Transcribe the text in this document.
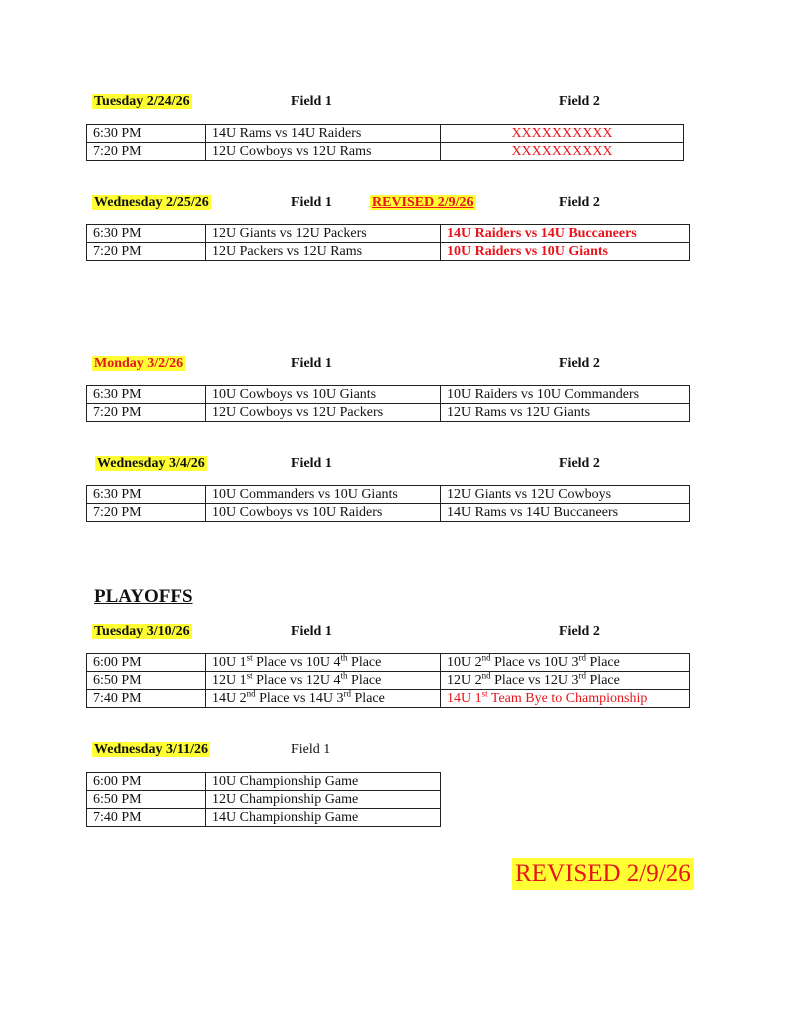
Tuesday 2/24/26	Field 1	Field 2
6:30 PM	14U Rams vs 14U Raiders	XXXXXXXXXX
7:20 PM	12U Cowboys vs 12U Rams	XXXXXXXXXX
Wednesday 2/25/26	Field 1	REVISED 2/9/26	Field 2
6:30 PM	12U Giants vs 12U Packers	14U Raiders vs 14U Buccaneers
7:20 PM	12U Packers vs 12U Rams	10U Raiders vs 10U Giants
Monday 3/2/26	Field 1	Field 2
6:30 PM	10U Cowboys vs 10U Giants	10U Raiders vs 10U Commanders
7:20 PM	12U Cowboys vs 12U Packers	12U Rams vs 12U Giants
Wednesday 3/4/26	Field 1	Field 2
6:30 PM	10U Commanders vs 10U Giants	12U Giants vs 12U Cowboys
7:20 PM	10U Cowboys vs 10U Raiders	14U Rams vs 14U Buccaneers
PLAYOFFS
Tuesday 3/10/26	Field 1	Field 2
6:00 PM	10U 1st Place vs 10U 4th Place	10U 2nd Place vs 10U 3rd Place
6:50 PM	12U 1st Place vs 12U 4th Place	12U 2nd Place vs 12U 3rd Place
7:40 PM	14U 2nd Place vs 14U 3rd Place	14U 1st Team Bye to Championship
Wednesday 3/11/26	Field 1
6:00 PM	10U Championship Game
6:50 PM	12U Championship Game
7:40 PM	14U Championship Game
REVISED 2/9/26
